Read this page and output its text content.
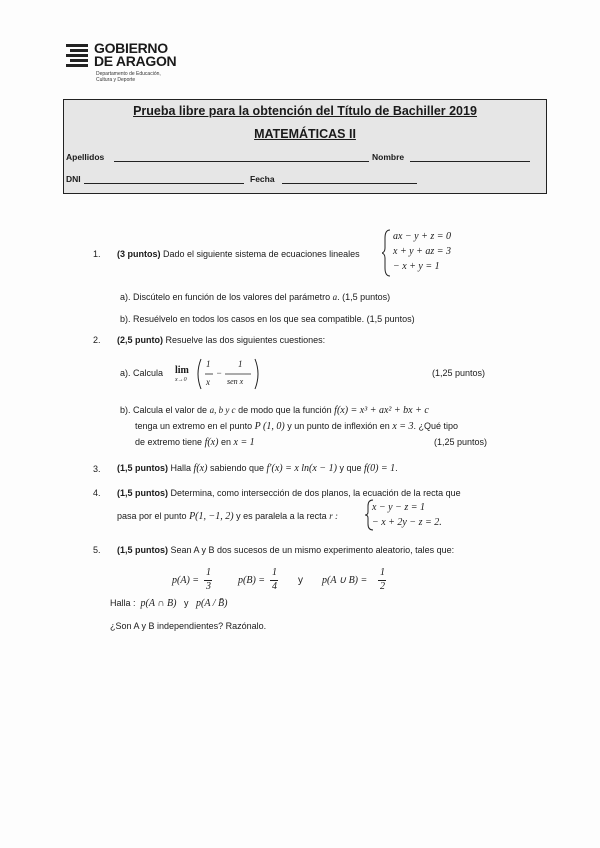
GOBIERNO
DE ARAGON
Departamento de Educación,
Cultura y Deporte
Prueba libre para la obtención del Título de Bachiller 2019
MATEMÁTICAS II
Apellidos	Nombre
DNI	Fecha
1. (3 puntos) Dado el siguiente sistema de ecuaciones lineales
ax − y + z = 0
x + y + az = 3
− x + y = 1
a). Discútelo en función de los valores del parámetro a. (1,5 puntos)
b). Resuélvelo en todos los casos en los que sea compatible. (1,5 puntos)
2. (2,5 punto) Resuelve las dos siguientes cuestiones:
a). Calcula lim
x→0
1
x
−
1
sen x
(1,25 puntos)
b). Calcula el valor de a, b y c de modo que la función f(x) = x³ + ax² + bx + c
tenga un extremo en el punto P (1, 0) y un punto de inflexión en x = 3. ¿Qué tipo
de extremo tiene f(x) en x = 1	(1,25 puntos)
3. (1,5 puntos) Halla f(x) sabiendo que f′(x) = x ln(x − 1) y que f(0) = 1.
4. (1,5 puntos) Determina, como intersección de dos planos, la ecuación de la recta que
pasa por el punto P(1, −1, 2) y es paralela a la recta r :
x − y − z = 1
− x + 2y − z = 2.
5. (1,5 puntos) Sean A y B dos sucesos de un mismo experimento aleatorio, tales que:
p(A) =
1
3
p(B) =
1
4
y p(A ∪ B) =
1
2
Halla : p(A ∩ B) y p(A / B̄)
¿Son A y B independientes? Razónalo.
